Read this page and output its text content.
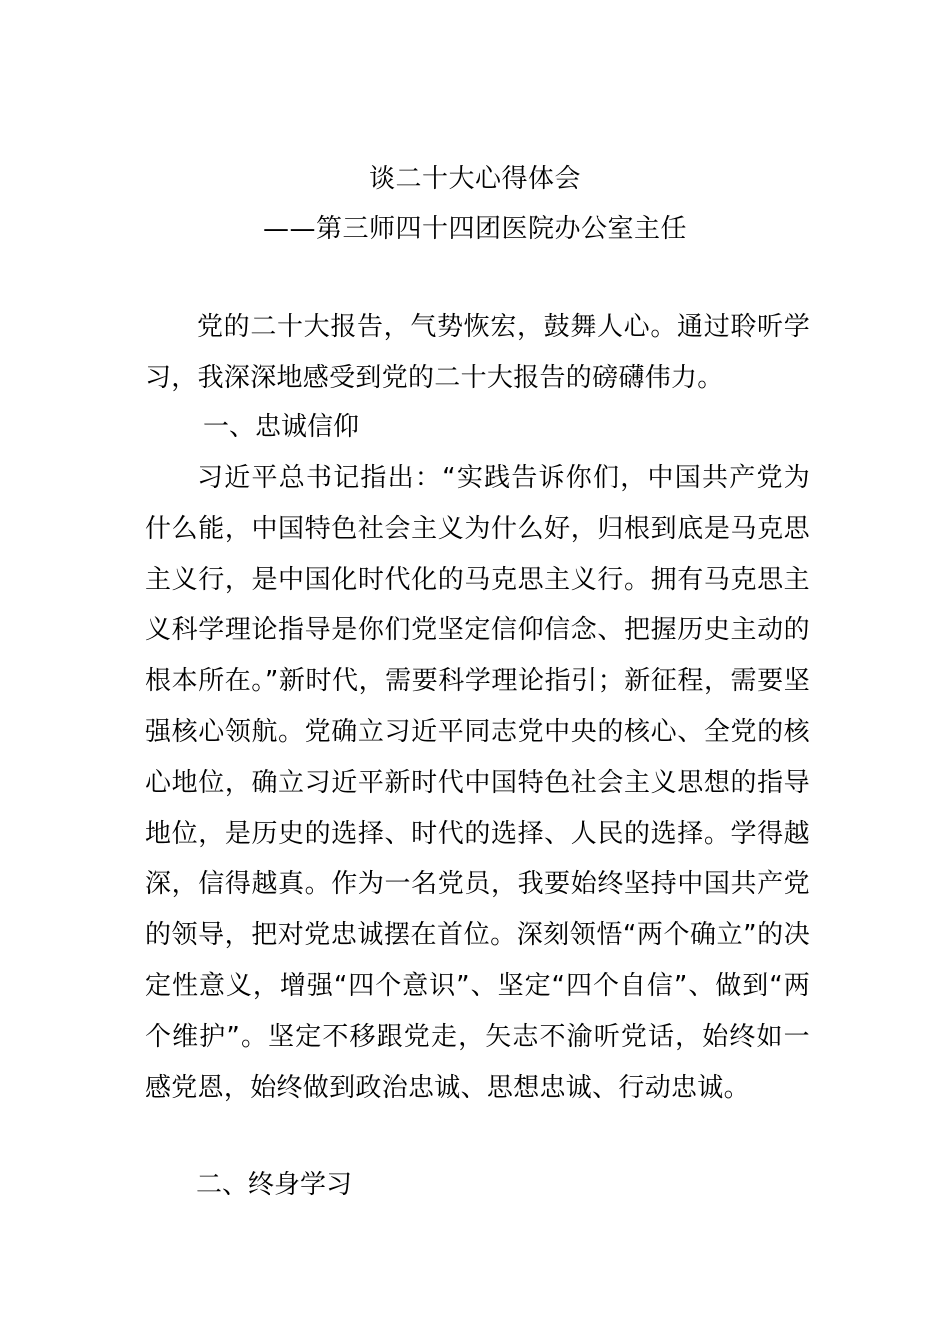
谈二十大心得体会
——第三师四十四团医院办公室主任

党的二十大报告，气势恢宏，鼓舞人心。通过聆听学习，我深深地感受到党的二十大报告的磅礴伟力。

一、忠诚信仰

习近平总书记指出：“实践告诉你们，中国共产党为什么能，中国特色社会主义为什么好，归根到底是马克思主义行，是中国化时代化的马克思主义行。拥有马克思主义科学理论指导是你们党坚定信仰信念、把握历史主动的根本所在。”新时代，需要科学理论指引；新征程，需要坚强核心领航。党确立习近平同志党中央的核心、全党的核心地位，确立习近平新时代中国特色社会主义思想的指导地位，是历史的选择、时代的选择、人民的选择。学得越深，信得越真。作为一名党员，我要始终坚持中国共产党的领导，把对党忠诚摆在首位。深刻领悟“两个确立”的决定性意义，增强“四个意识”、坚定“四个自信”、做到“两个维护”。坚定不移跟党走，矢志不渝听党话，始终如一感党恩，始终做到政治忠诚、思想忠诚、行动忠诚。

二、终身学习
